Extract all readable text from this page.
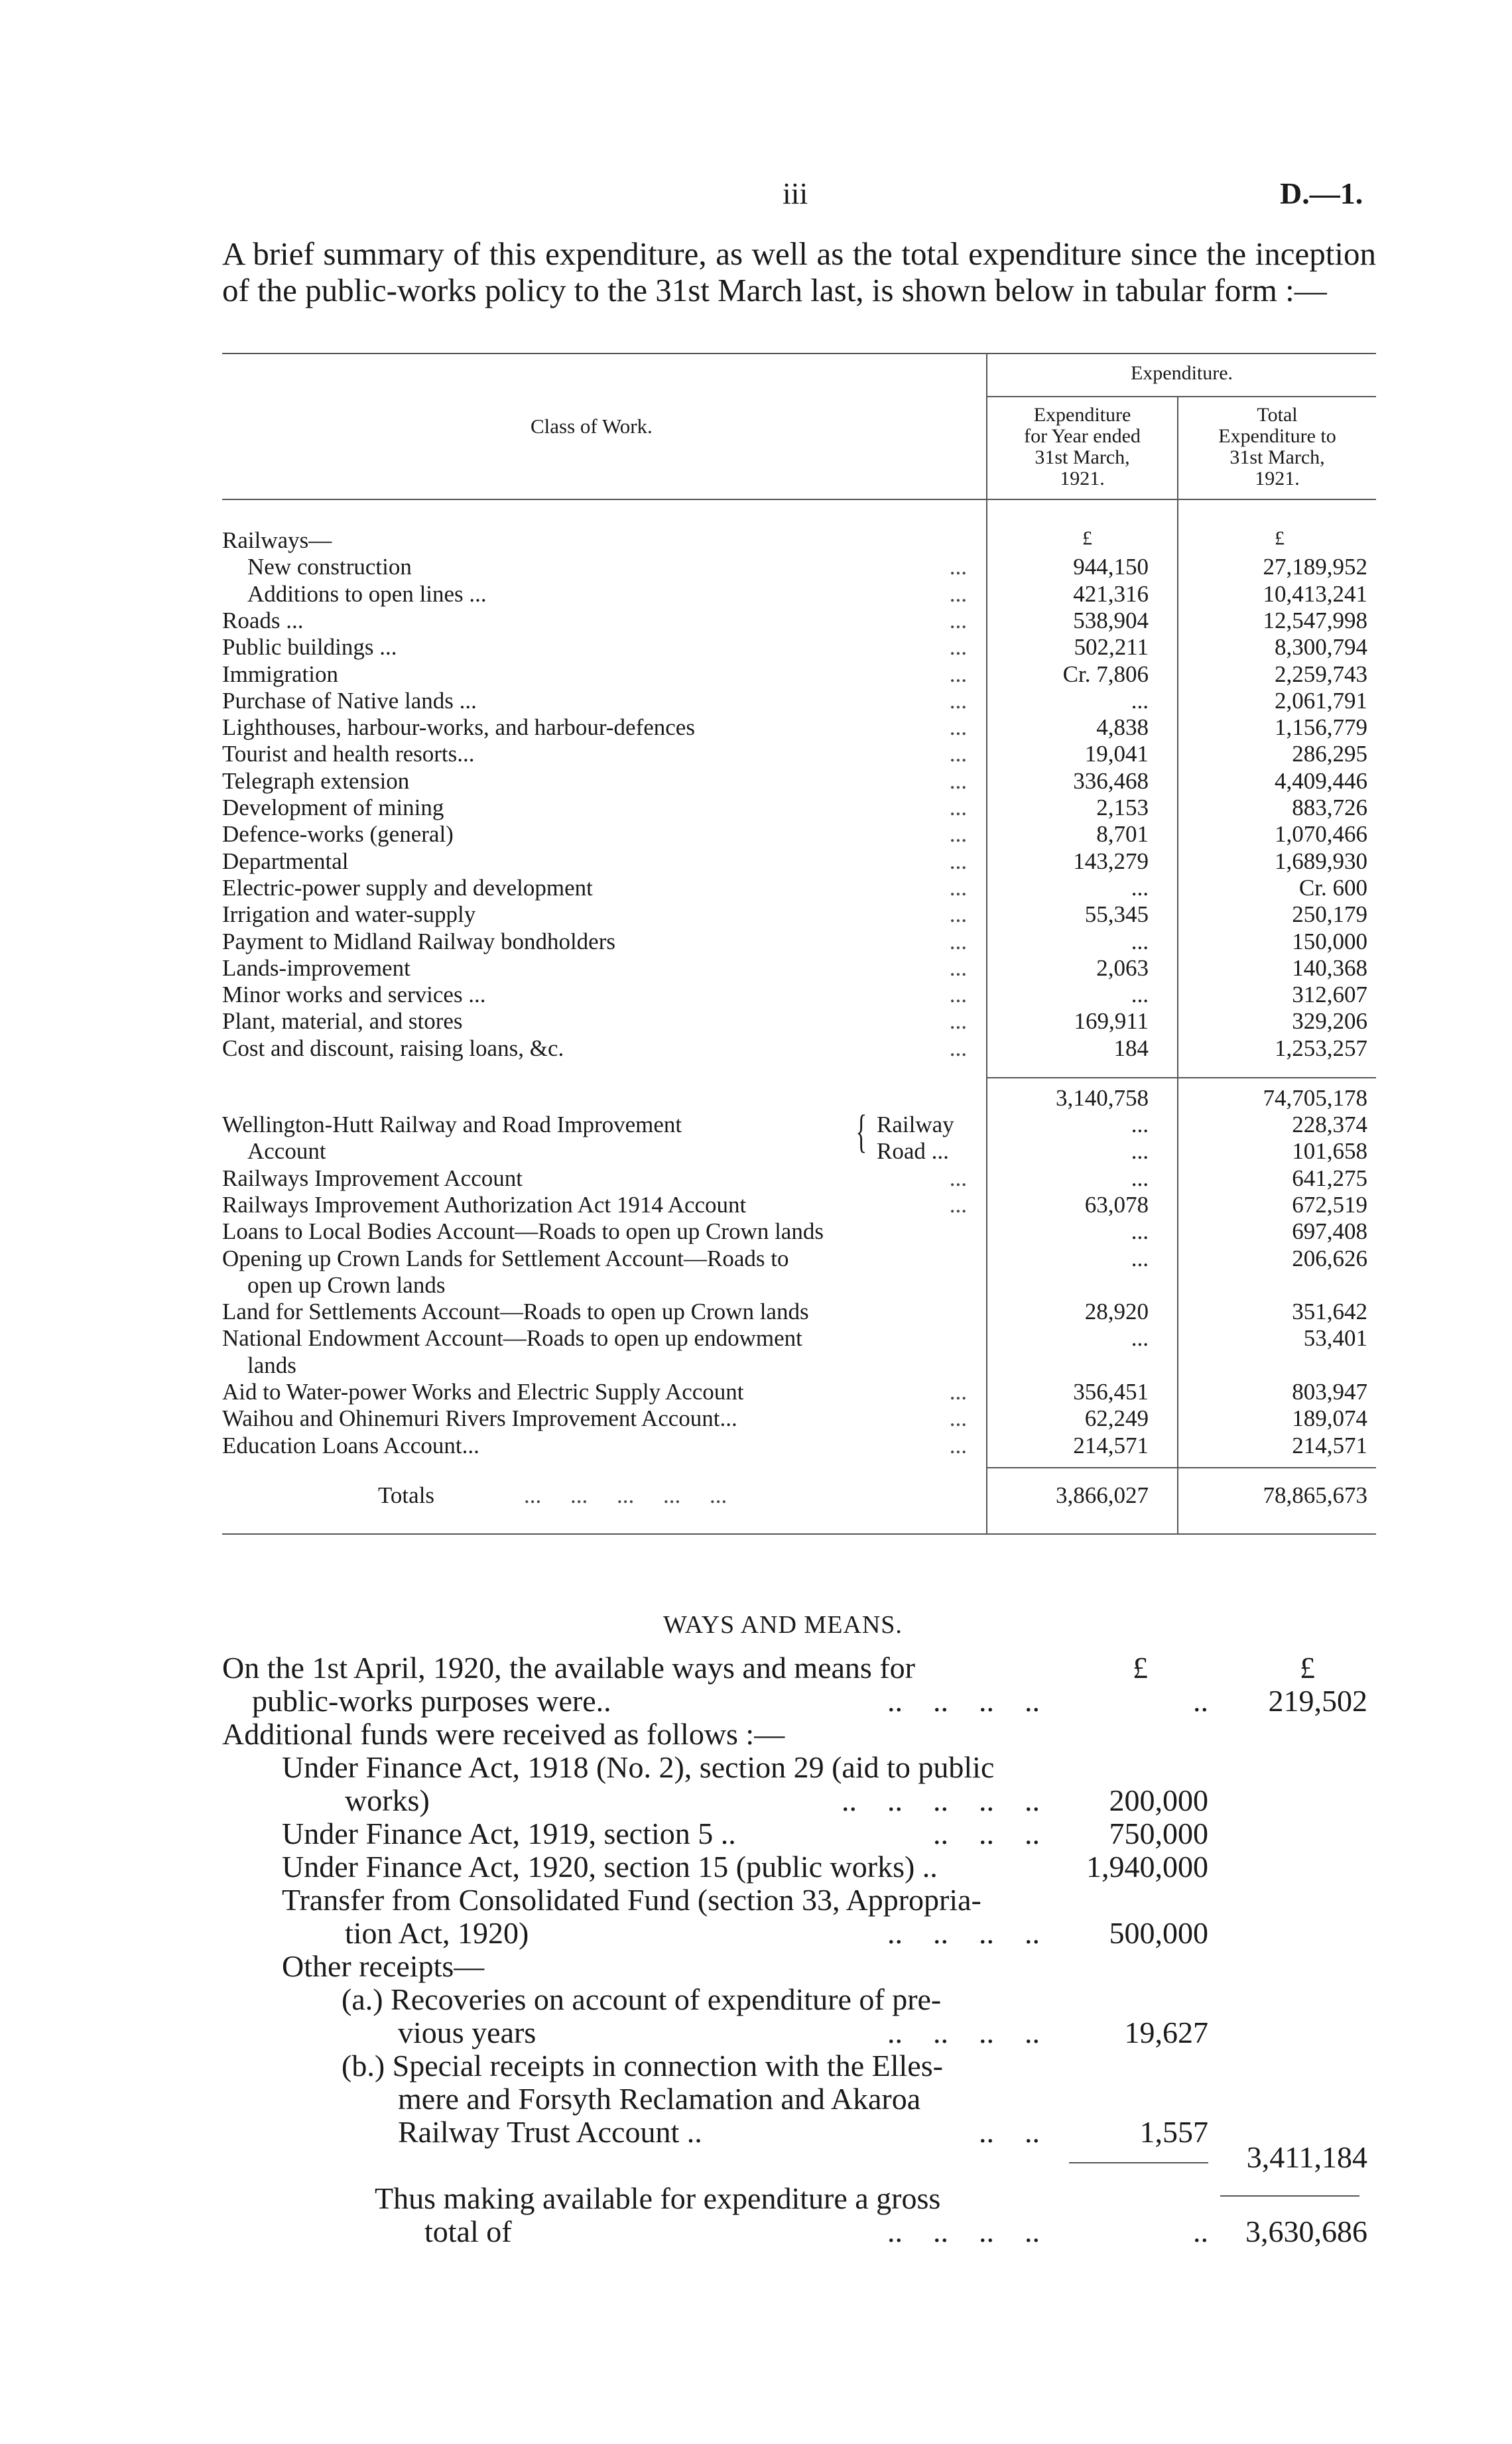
iii	D.—1.
A brief summary of this expenditure, as well as the total expenditure since the inception of the public-works policy to the 31st March last, is shown below in tabular form :—
Class of Work.
Expenditure.
Expenditure
for Year ended
31st March,
1921.
Total
Expenditure to
31st March,
1921.
£	£
Railways—
New construction	...	944,150	27,189,952
Additions to open lines ...	...	421,316	10,413,241
Roads ...	...	538,904	12,547,998
Public buildings ...	...	502,211	8,300,794
Immigration	...	Cr. 7,806	2,259,743
Purchase of Native lands ...	...	...	2,061,791
Lighthouses, harbour-works, and harbour-defences	...	4,838	1,156,779
Tourist and health resorts...	...	19,041	286,295
Telegraph extension	...	336,468	4,409,446
Development of mining	...	2,153	883,726
Defence-works (general)	...	8,701	1,070,466
Departmental	...	143,279	1,689,930
Electric-power supply and development	...	...	Cr. 600
Irrigation and water-supply	...	55,345	250,179
Payment to Midland Railway bondholders	...	...	150,000
Lands-improvement	...	2,063	140,368
Minor works and services ...	...	...	312,607
Plant, material, and stores	...	169,911	329,206
Cost and discount, raising loans, &c.	...	184	1,253,257
3,140,758	74,705,178
{
Wellington-Hutt Railway and Road Improvement	Railway	...	228,374
Account	Road ...	...	101,658
Railways Improvement Account	...	...	641,275
Railways Improvement Authorization Act 1914 Account	...	63,078	672,519
Loans to Local Bodies Account—Roads to open up Crown lands	...	697,408
Opening up Crown Lands for Settlement Account—Roads to	...	206,626
open up Crown lands
Land for Settlements Account—Roads to open up Crown lands	28,920	351,642
National Endowment Account—Roads to open up endowment	...	53,401
lands
Aid to Water-power Works and Electric Supply Account	...	356,451	803,947
Waihou and Ohinemuri Rivers Improvement Account...	...	62,249	189,074
Education Loans Account...	...	214,571	214,571
Totals	...     ...     ...     ...     ...	3,866,027	78,865,673
WAYS AND MEANS.
£	£
On the 1st April, 1920, the available ways and means for
public-works purposes were..	..    ..    ..    ..	.. 219,502
Additional funds were received as follows :—
Under Finance Act, 1918 (No. 2), section 29 (aid to public
works)	..    ..    ..    ..    .. 200,000
Under Finance Act, 1919, section 5 ..	..    ..    .. 750,000
Under Finance Act, 1920, section 15 (public works) ..	1,940,000
Transfer from Consolidated Fund (section 33, Appropria-
tion Act, 1920)	..    ..    ..    .. 500,000
Other receipts—
(a.) Recoveries on account of expenditure of pre-
vious years	..    ..    ..    ..	19,627
(b.) Special receipts in connection with the Elles-
mere and Forsyth Reclamation and Akaroa
Railway Trust Account ..	..    ..	1,557
3,411,184
Thus making available for expenditure a gross
total of	..    ..    ..    ..	.. 3,630,686
